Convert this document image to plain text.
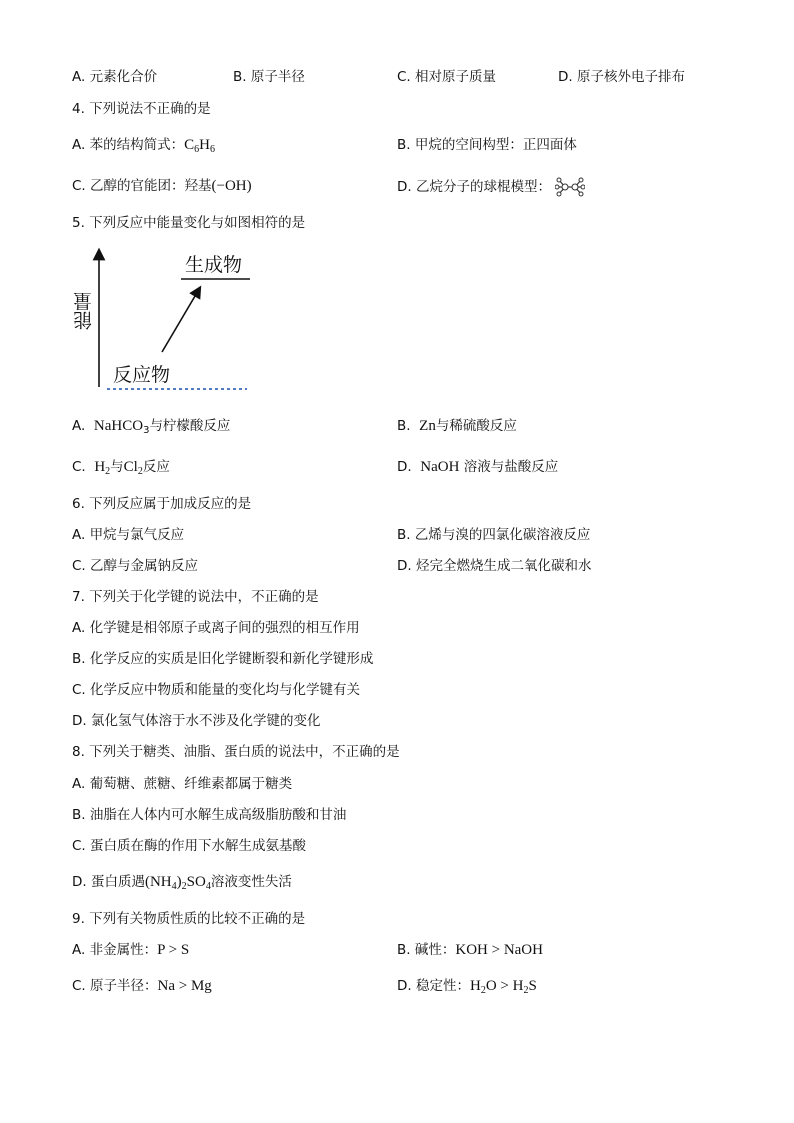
A. 元素化合价	B. 原子半径	C. 相对原子质量	D. 原子核外电子排布
4. 下列说法不正确的是
A. 苯的结构简式：$C_6H_6$	B. 甲烷的空间构型：正四面体
C. 乙醇的官能团：羟基(−OH)	D. 乙烷分子的球棍模型：
5. 下列反应中能量变化与如图相符的是
能量
生成物
反应物
A. NaHCO$_3$与柠檬酸反应	B. Zn与稀硫酸反应
C. $H_2$与$Cl_2$反应	D. NaOH 溶液与盐酸反应
6. 下列反应属于加成反应的是
A. 甲烷与氯气反应	B. 乙烯与溴的四氯化碳溶液反应
C. 乙醇与金属钠反应	D. 烃完全燃烧生成二氧化碳和水
7. 下列关于化学键的说法中，不正确的是
A. 化学键是相邻原子或离子间的强烈的相互作用
B. 化学反应的实质是旧化学键断裂和新化学键形成
C. 化学反应中物质和能量的变化均与化学键有关
D. 氯化氢气体溶于水不涉及化学键的变化
8. 下列关于糖类、油脂、蛋白质的说法中，不正确的是
A. 葡萄糖、蔗糖、纤维素都属于糖类
B. 油脂在人体内可水解生成高级脂肪酸和甘油
C. 蛋白质在酶的作用下水解生成氨基酸
D. 蛋白质遇$(NH_4)_2SO_4$溶液变性失活
9. 下列有关物质性质的比较不正确的是
A. 非金属性：P > S	B. 碱性：KOH > NaOH
C. 原子半径：Na > Mg	D. 稳定性：$H_2O > H_2S$
